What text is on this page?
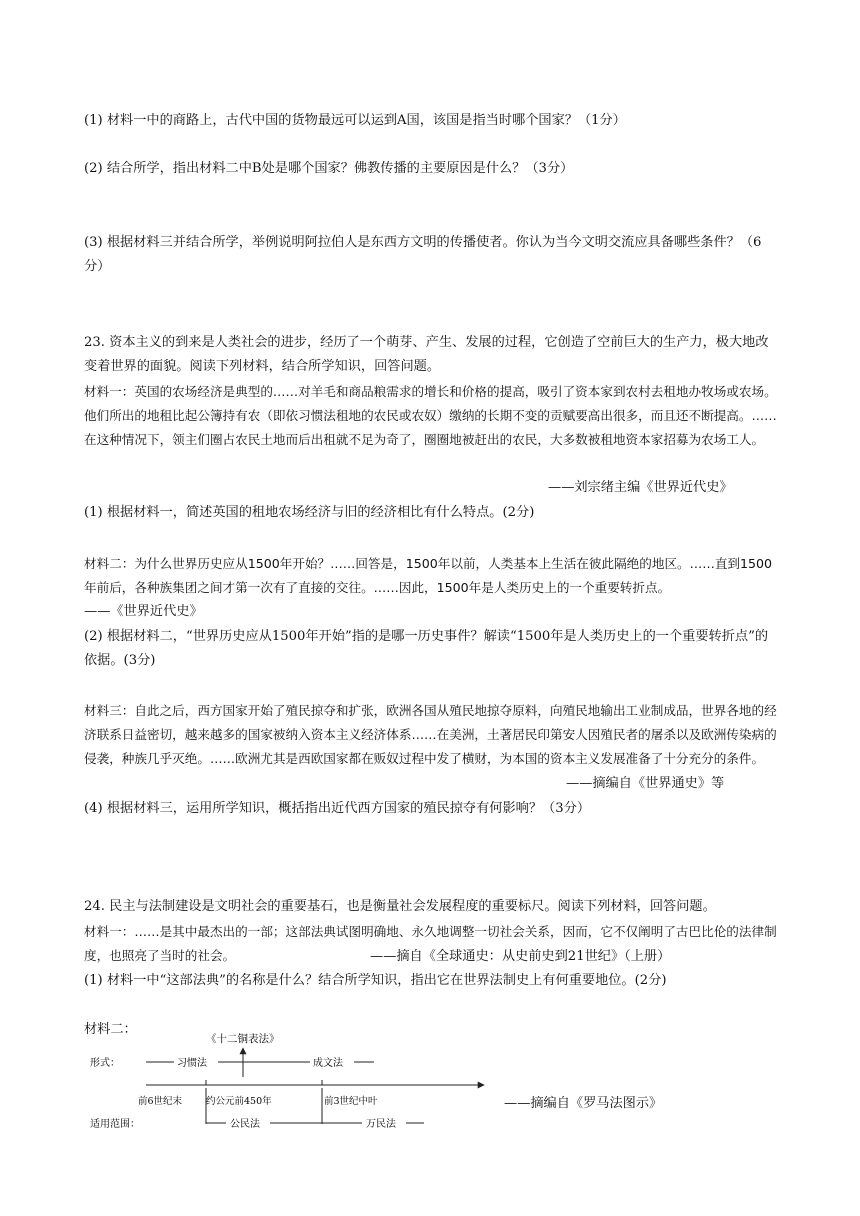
(1) 材料一中的商路上，古代中国的货物最远可以运到A国，该国是指当时哪个国家？（1分）
(2) 结合所学，指出材料二中B处是哪个国家？佛教传播的主要原因是什么？（3分）

(3) 根据材料三并结合所学，举例说明阿拉伯人是东西方文明的传播使者。你认为当今文明交流应具备哪些条件？（6分）

23. 资本主义的到来是人类社会的进步，经历了一个萌芽、产生、发展的过程，它创造了空前巨大的生产力，极大地改变着世界的面貌。阅读下列材料，结合所学知识，回答问题。

材料一：英国的农场经济是典型的……对羊毛和商品粮需求的增长和价格的提高，吸引了资本家到农村去租地办牧场或农场。他们所出的地租比起公簿持有农（即依习惯法租地的农民或农奴）缴纳的长期不变的贡赋要高出很多，而且还不断提高。……在这种情况下，领主们圈占农民土地而后出租就不足为奇了，圈圈地被赶出的农民，大多数被租地资本家招募为农场工人。

——刘宗绪主编《世界近代史》
(1) 根据材料一，简述英国的租地农场经济与旧的经济相比有什么特点。(2分)

材料二：为什么世界历史应从1500年开始？……回答是，1500年以前，人类基本上生活在彼此隔绝的地区。……直到1500年前后，各种族集团之间才第一次有了直接的交往。……因此，1500年是人类历史上的一个重要转折点。

——《世界近代史》

(2) 根据材料二，“世界历史应从1500年开始”指的是哪一历史事件？解读“1500年是人类历史上的一个重要转折点”的依据。(3分)

材料三：自此之后，西方国家开始了殖民掠夺和扩张，欧洲各国从殖民地掠夺原料，向殖民地输出工业制成品，世界各地的经济联系日益密切，越来越多的国家被纳入资本主义经济体系……在美洲，土著居民印第安人因殖民者的屠杀以及欧洲传染病的侵袭，种族几乎灭绝。……欧洲尤其是西欧国家都在贩奴过程中发了横财，为本国的资本主义发展准备了十分充分的条件。

——摘编自《世界通史》等
(4) 根据材料三，运用所学知识，概括指出近代西方国家的殖民掠夺有何影响？（3分）
24. 民主与法制建设是文明社会的重要基石，也是衡量社会发展程度的重要标尺。阅读下列材料，回答问题。

材料一：……是其中最杰出的一部；这部法典试图明确地、永久地调整一切社会关系，因而，它不仅阐明了古巴比伦的法律制度，也照亮了当时的社会。	——摘自《全球通史：从史前史到21世纪》（上册）
(1) 材料一中“这部法典”的名称是什么？结合所学知识，指出它在世界法制史上有何重要地位。(2分)
材料二：
《十二铜表法》
形式：	习惯法	成文法
前6世纪末	约公元前450年	前3世纪中叶
适用范围：	公民法	万民法
——摘编自《罗马法图示》
